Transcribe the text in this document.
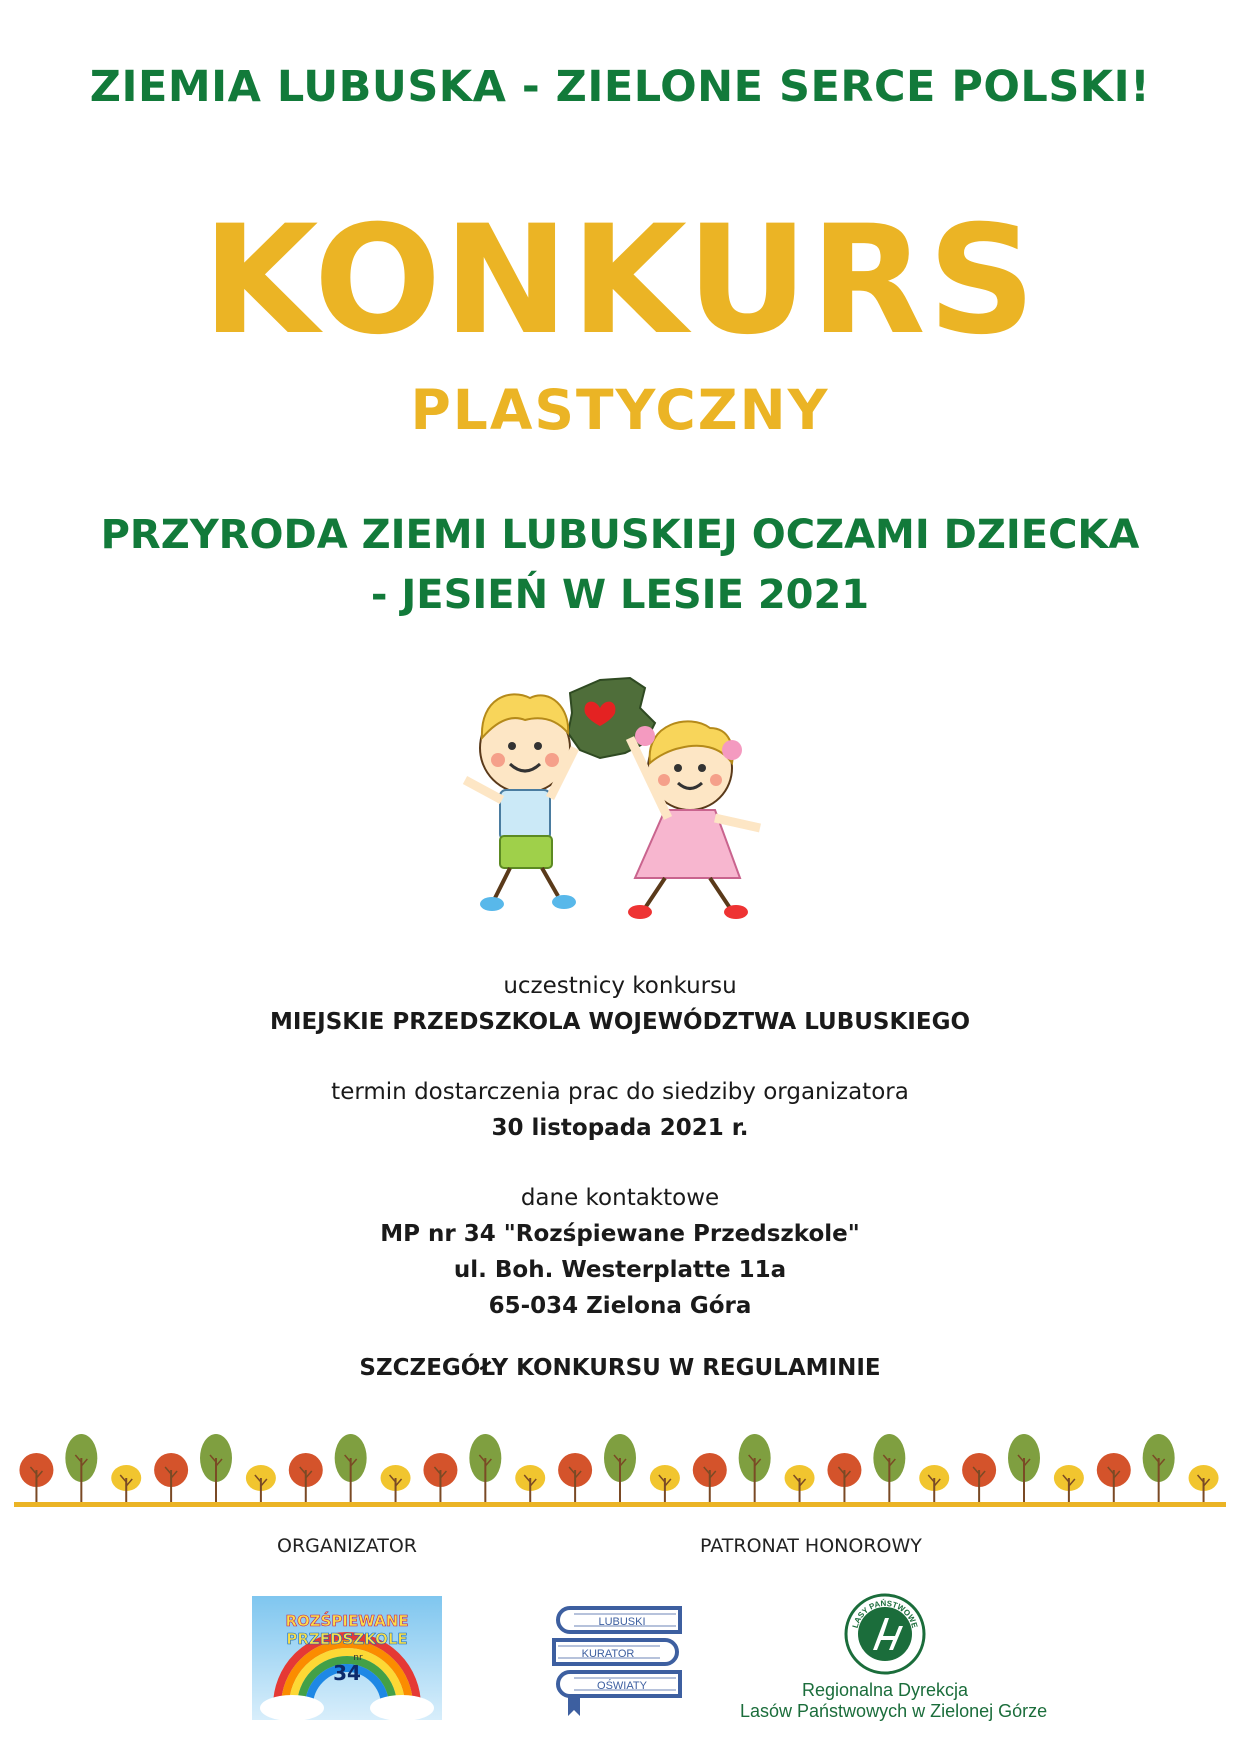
ZIEMIA LUBUSKA - ZIELONE SERCE POLSKI!
KONKURS
PLASTYCZNY
PRZYRODA ZIEMI LUBUSKIEJ OCZAMI DZIECKA
- JESIEŃ W LESIE 2021
uczestnicy konkursu
MIEJSKIE PRZEDSZKOLA WOJEWÓDZTWA LUBUSKIEGO
termin dostarczenia prac do siedziby organizatora
30 listopada 2021 r.
dane kontaktowe
MP nr 34 "Rozśpiewane Przedszkole"
ul. Boh. Westerplatte 11a
65-034 Zielona Góra
SZCZEGÓŁY KONKURSU W REGULAMINIE
ORGANIZATOR	PATRONAT HONOROWY
ROZŚPIEWANE
PRZEDSZKOLE
nr
34
LUBUSKI
KURATOR
OŚWIATY
LASY PAŃSTWOWE
Regionalna Dyrekcja
Lasów Państwowych w Zielonej Górze
